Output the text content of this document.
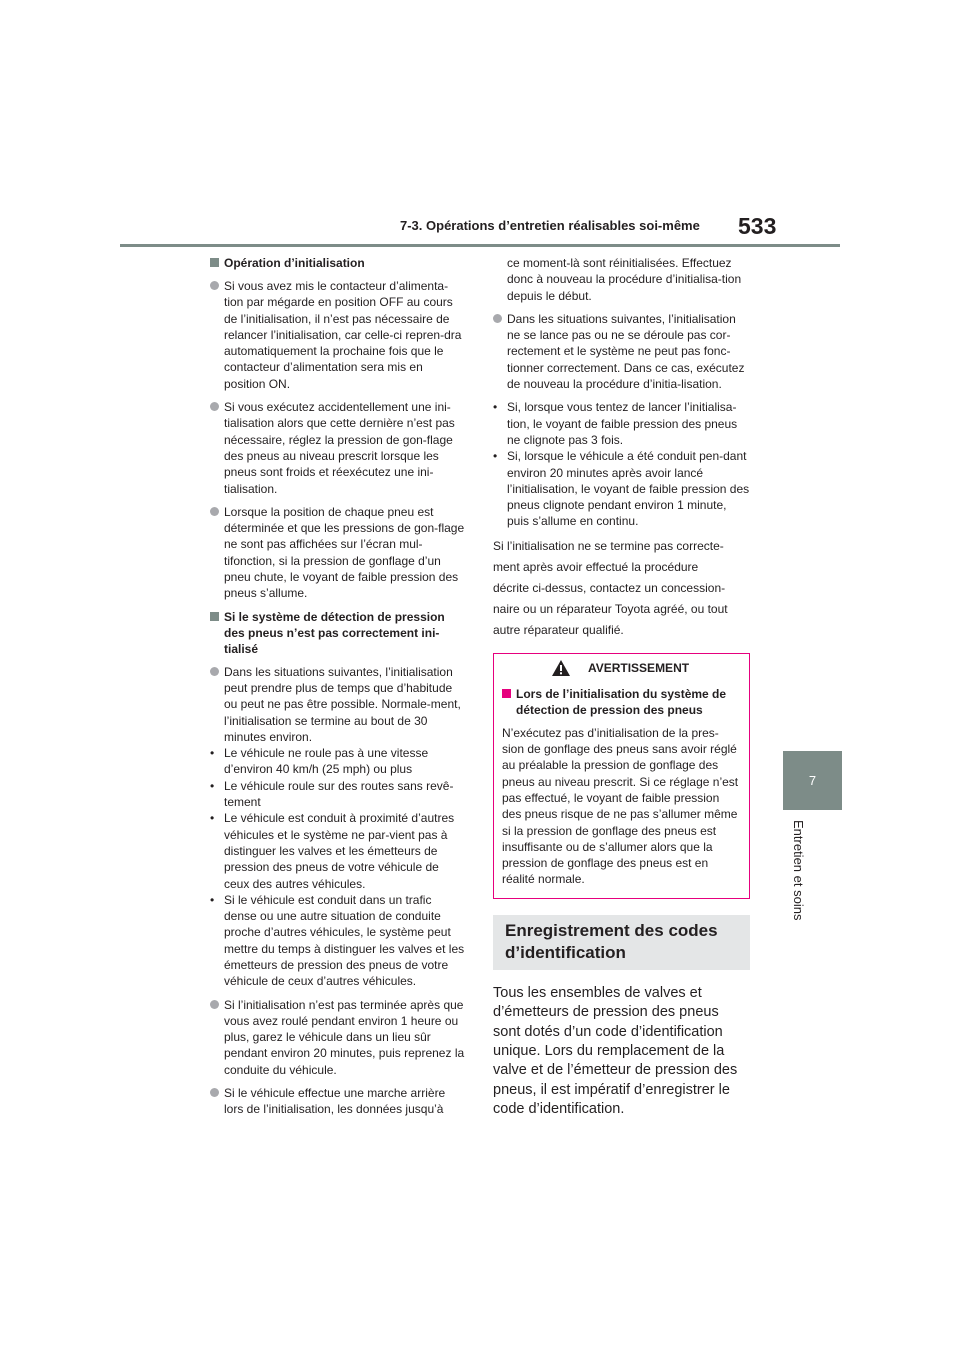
7-3. Opérations d’entretien réalisables soi-même 533
7
Entretien et soins
Opération d’initialisation
Si vous avez mis le contacteur d’alimenta-tion par mégarde en position OFF au cours de l’initialisation, il n’est pas nécessaire de relancer l’initialisation, car celle-ci repren-dra automatiquement la prochaine fois que le contacteur d’alimentation sera mis en position ON.
Si vous exécutez accidentellement une ini-tialisation alors que cette dernière n’est pas nécessaire, réglez la pression de gon-flage des pneus au niveau prescrit lorsque les pneus sont froids et réexécutez une ini-tialisation.
Lorsque la position de chaque pneu est déterminée et que les pressions de gon-flage ne sont pas affichées sur l’écran mul-tifonction, si la pression de gonflage d’un pneu chute, le voyant de faible pression des pneus s’allume.
Si le système de détection de pression des pneus n’est pas correctement ini-tialisé
Dans les situations suivantes, l’initialisation peut prendre plus de temps que d’habitude ou peut ne pas être possible. Normale-ment, l’initialisation se termine au bout de 30 minutes environ.
• Le véhicule ne roule pas à une vitesse d’environ 40 km/h (25 mph) ou plus
• Le véhicule roule sur des routes sans revê-tement
• Le véhicule est conduit à proximité d’autres véhicules et le système ne par-vient pas à distinguer les valves et les émetteurs de pression des pneus de votre véhicule de ceux des autres véhicules.
• Si le véhicule est conduit dans un trafic dense ou une autre situation de conduite proche d’autres véhicules, le système peut mettre du temps à distinguer les valves et les émetteurs de pression des pneus de votre véhicule de ceux d’autres véhicules.
Si l’initialisation n’est pas terminée après que vous avez roulé pendant environ 1 heure ou plus, garez le véhicule dans un lieu sûr pendant environ 20 minutes, puis reprenez la conduite du véhicule.
Si le véhicule effectue une marche arrière lors de l’initialisation, les données jusqu’à
ce moment-là sont réinitialisées. Effectuez donc à nouveau la procédure d’initialisa-tion depuis le début.
Dans les situations suivantes, l’initialisation ne se lance pas ou ne se déroule pas cor-rectement et le système ne peut pas fonc-tionner correctement. Dans ce cas, exécutez de nouveau la procédure d’initia-lisation.
• Si, lorsque vous tentez de lancer l’initialisa-tion, le voyant de faible pression des pneus ne clignote pas 3 fois.
• Si, lorsque le véhicule a été conduit pen-dant environ 20 minutes après avoir lancé l’initialisation, le voyant de faible pression des pneus clignote pendant environ 1 minute, puis s’allume en continu.
Si l’initialisation ne se termine pas correcte-
ment après avoir effectué la procédure
décrite ci-dessus, contactez un concession-
naire ou un réparateur Toyota agréé, ou tout
autre réparateur qualifié.
AVERTISSEMENT
Lors de l’initialisation du système de détection de pression des pneus
N’exécutez pas d’initialisation de la pres-sion de gonflage des pneus sans avoir réglé au préalable la pression de gonflage des pneus au niveau prescrit. Si ce réglage n’est pas effectué, le voyant de faible pression des pneus risque de ne pas s’allumer même si la pression de gonflage des pneus est insuffisante ou de s’allumer alors que la pression de gonflage des pneus est en réalité normale.
Enregistrement des codes d’identification
Tous les ensembles de valves et d’émetteurs de pression des pneus sont dotés d’un code d’identification unique. Lors du remplacement de la valve et de l’émetteur de pression des pneus, il est impératif d’enregistrer le code d’identification.
